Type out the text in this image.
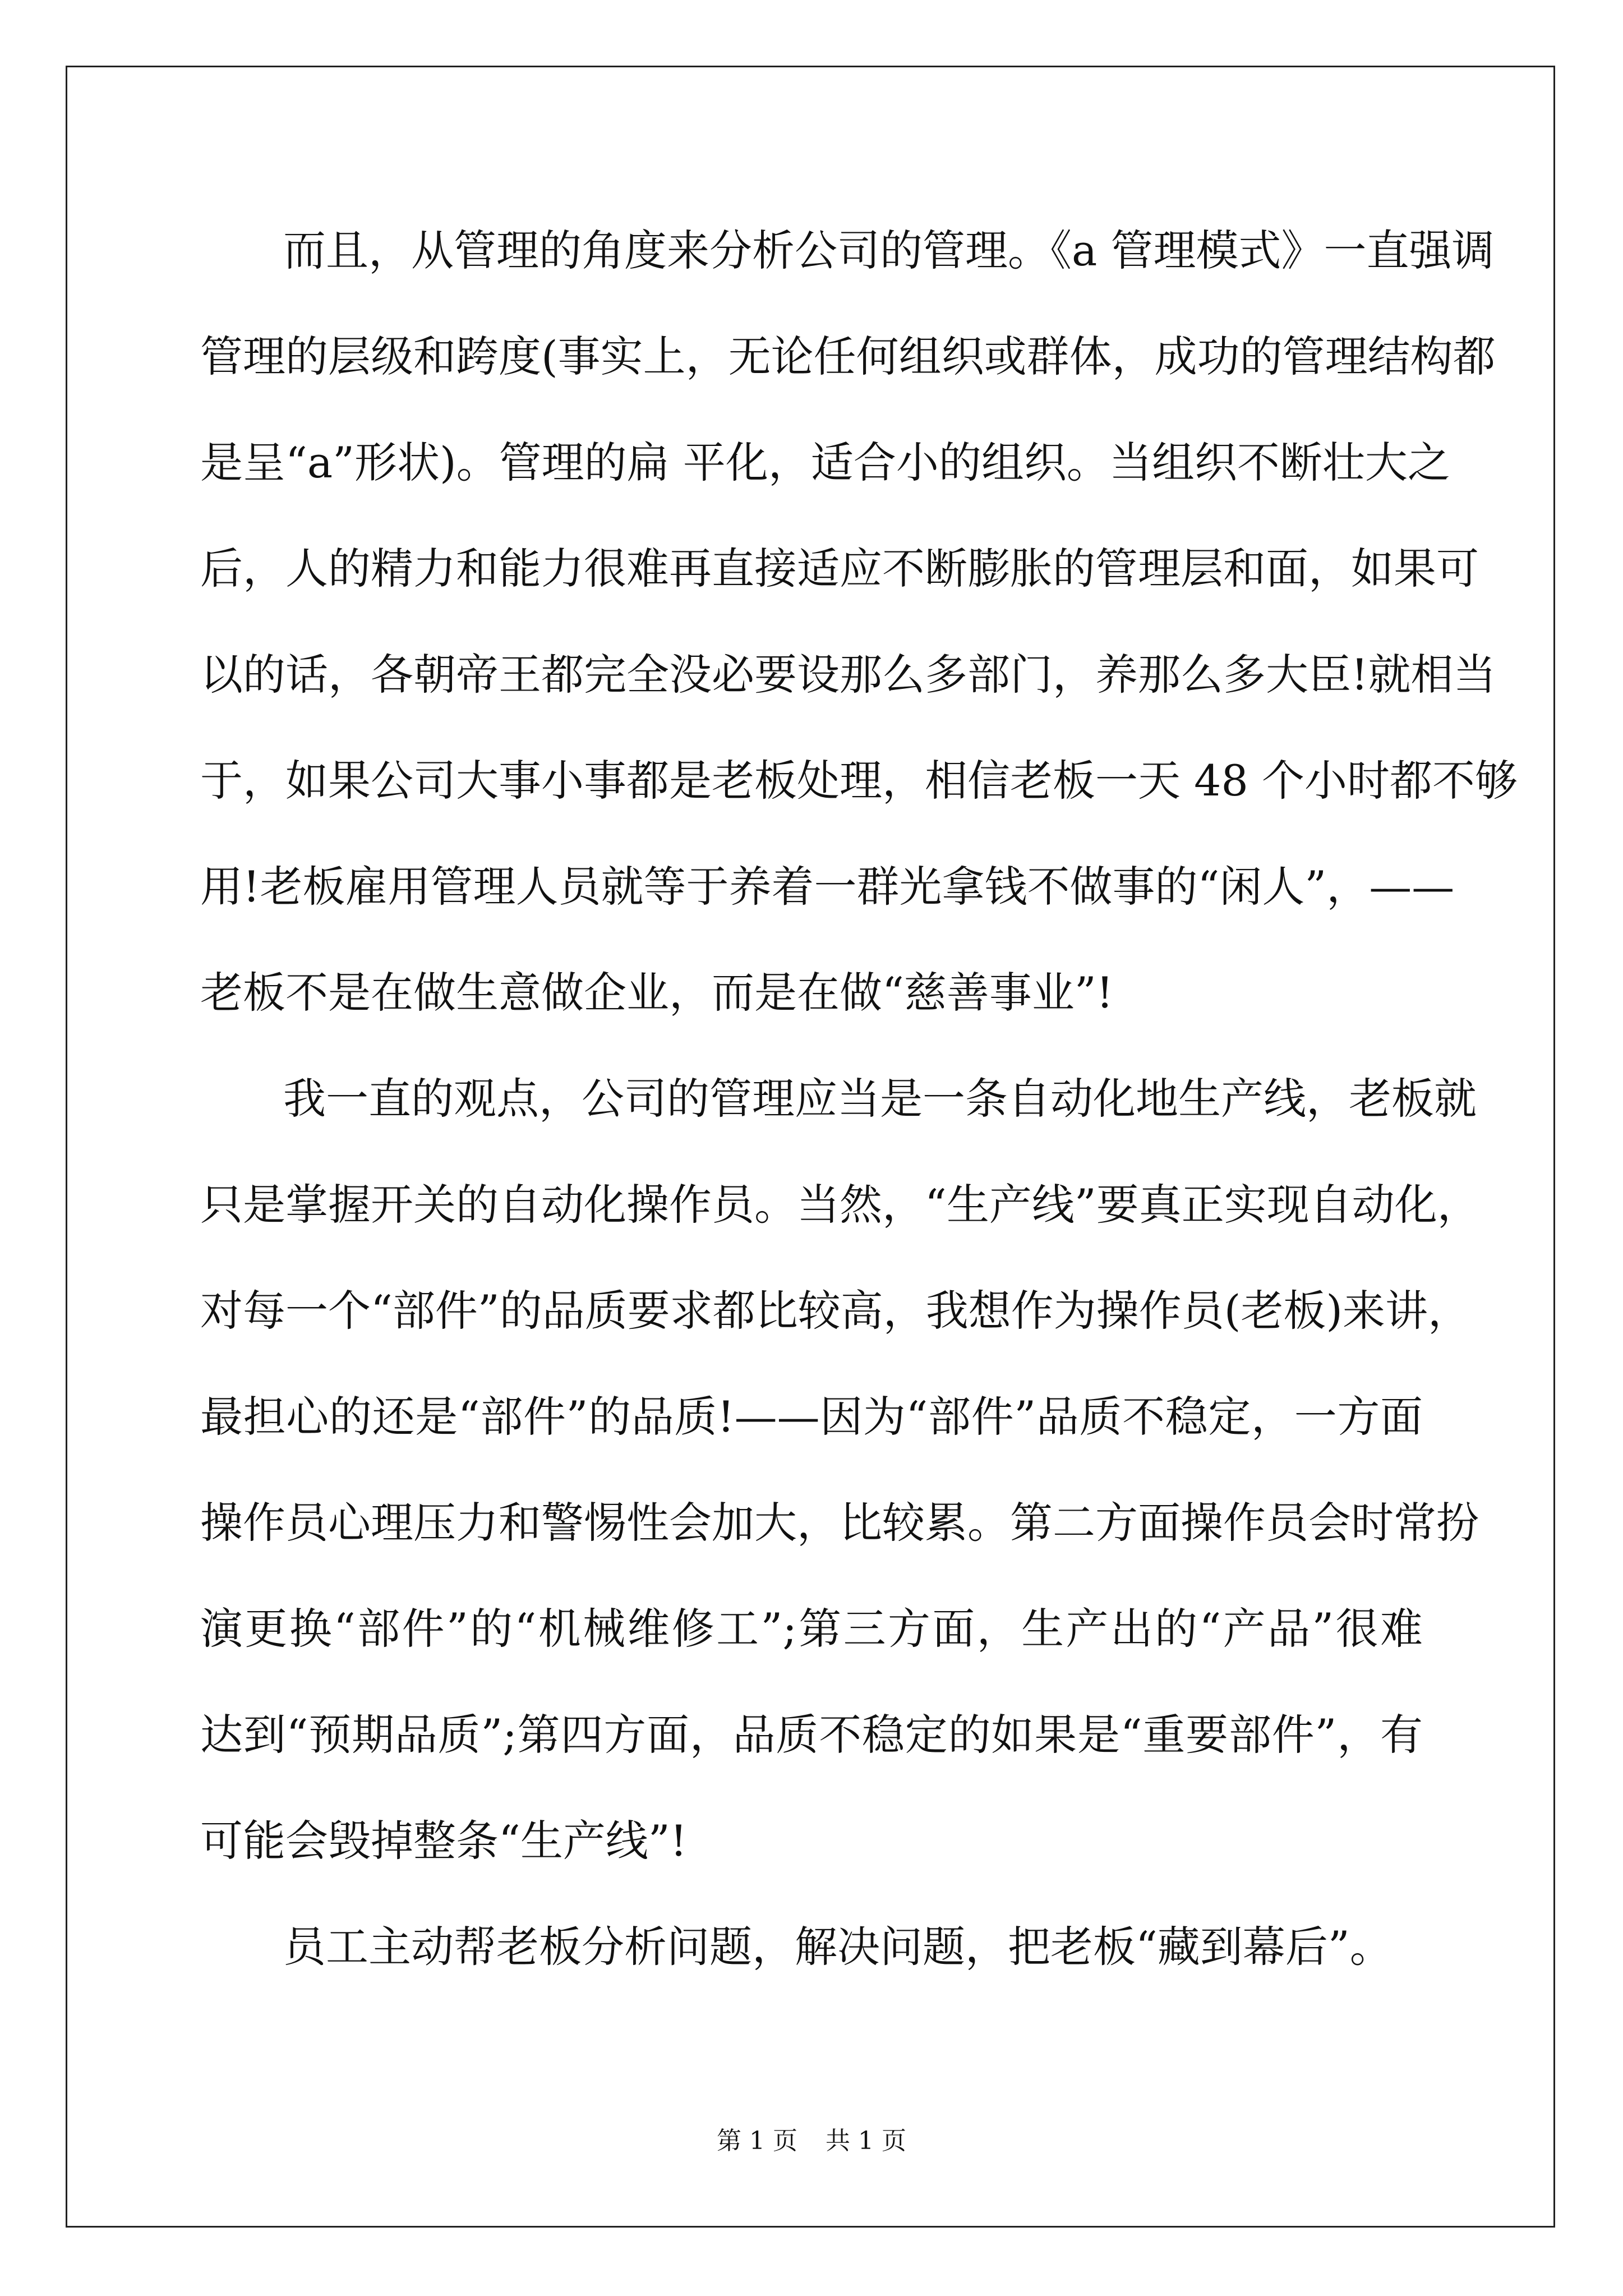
而且，从管理的角度来分析公司的管理。《a 管理模式》一直强调
管理的层级和跨度(事实上，无论任何组织或群体，成功的管理结构都
是呈“a”形状)。管理的扁 平化，适合小的组织。当组织不断壮大之
后，人的精力和能力很难再直接适应不断膨胀的管理层和面，如果可
以的话，各朝帝王都完全没必要设那么多部门，养那么多大臣!就相当
于，如果公司大事小事都是老板处理，相信老板一天 48 个小时都不够
用!老板雇用管理人员就等于养着一群光拿钱不做事的“闲人”，——
老板不是在做生意做企业，而是在做“慈善事业”!
我一直的观点，公司的管理应当是一条自动化地生产线，老板就
只是掌握开关的自动化操作员。当然，“生产线”要真正实现自动化，
对每一个“部件”的品质要求都比较高，我想作为操作员(老板)来讲，
最担心的还是“部件”的品质!——因为“部件”品质不稳定，一方面
操作员心理压力和警惕性会加大，比较累。第二方面操作员会时常扮
演更换“部件”的“机械维修工”;第三方面，生产出的“产品”很难
达到“预期品质”;第四方面，品质不稳定的如果是“重要部件”，有
可能会毁掉整条“生产线”!
员工主动帮老板分析问题，解决问题，把老板“藏到幕后”。
第 1 页 共 1 页
